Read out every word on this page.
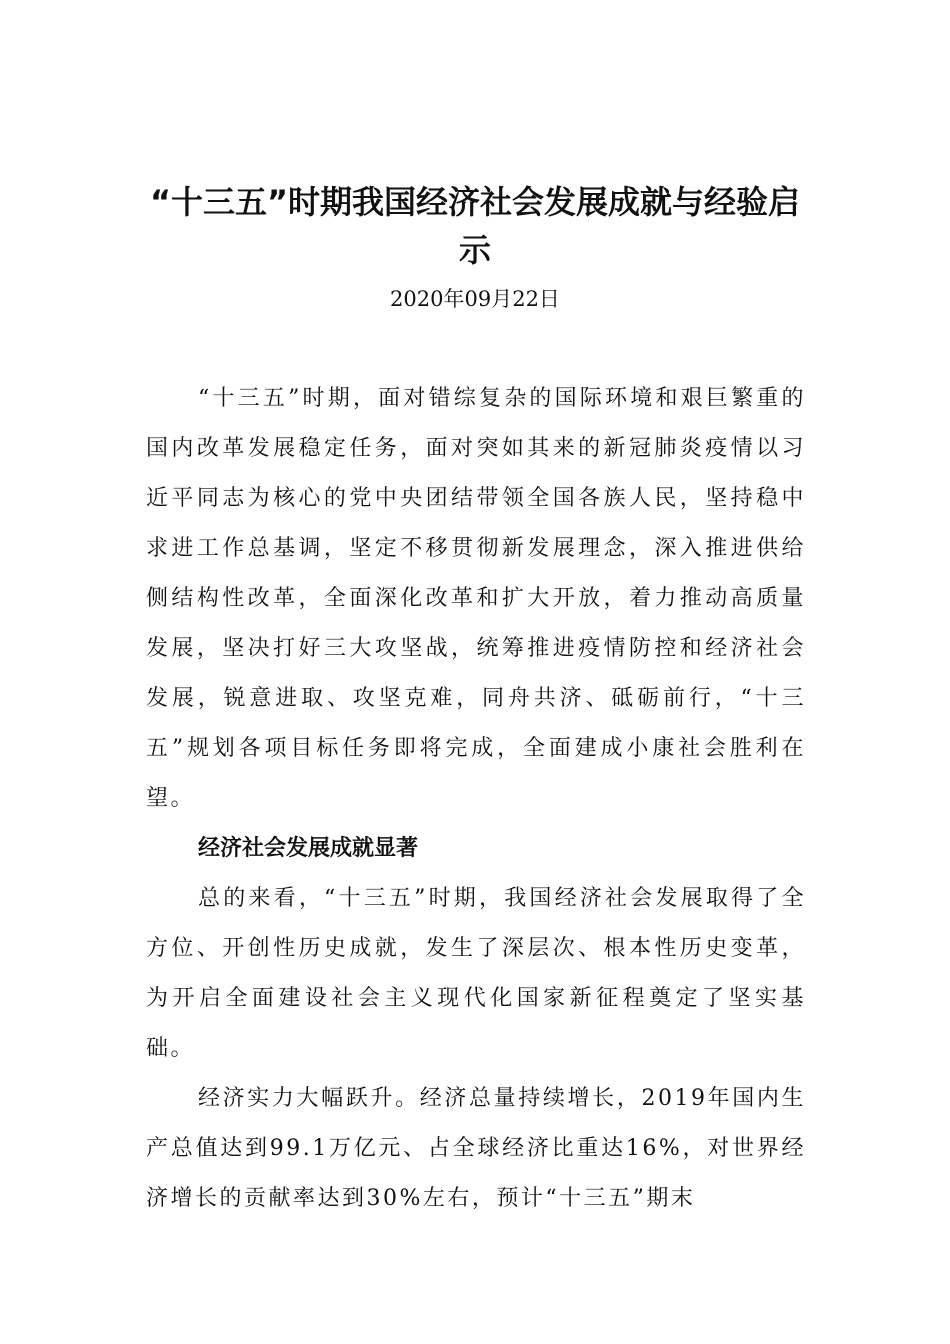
“十三五”时期我国经济社会发展成就与经验启示

2020年09月22日

“十三五”时期，面对错综复杂的国际环境和艰巨繁重的国内改革发展稳定任务，面对突如其来的新冠肺炎疫情以习近平同志为核心的党中央团结带领全国各族人民，坚持稳中求进工作总基调，坚定不移贯彻新发展理念，深入推进供给侧结构性改革，全面深化改革和扩大开放，着力推动高质量发展，坚决打好三大攻坚战，统筹推进疫情防控和经济社会发展，锐意进取、攻坚克难，同舟共济、砥砺前行，“十三五”规划各项目标任务即将完成，全面建成小康社会胜利在望。

经济社会发展成就显著

总的来看，“十三五”时期，我国经济社会发展取得了全方位、开创性历史成就，发生了深层次、根本性历史变革，为开启全面建设社会主义现代化国家新征程奠定了坚实基础。

经济实力大幅跃升。经济总量持续增长，2019年国内生产总值达到99.1万亿元、占全球经济比重达16%，对世界经济增长的贡献率达到30%左右，预计“十三五”期末
